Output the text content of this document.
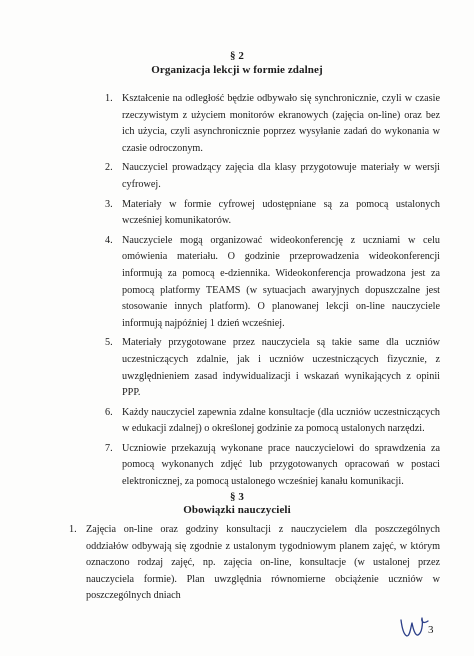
§ 2
Organizacja lekcji w formie zdalnej
1. Kształcenie na odległość będzie odbywało się synchronicznie, czyli w czasie rzeczywistym z użyciem monitorów ekranowych (zajęcia on-line) oraz bez ich użycia, czyli asynchronicznie poprzez wysyłanie zadań do wykonania w czasie odroczonym.
2. Nauczyciel prowadzący zajęcia dla klasy przygotowuje materiały w wersji cyfrowej.
3. Materiały w formie cyfrowej udostępniane są za pomocą ustalonych wcześniej komunikatorów.
4. Nauczyciele mogą organizować wideokonferencję z uczniami w celu omówienia materiału. O godzinie przeprowadzenia wideokonferencji informują za pomocą e-dziennika. Wideokonferencja prowadzona jest za pomocą platformy TEAMS (w sytuacjach awaryjnych dopuszczalne jest stosowanie innych platform). O planowanej lekcji on-line nauczyciele informują najpóźniej 1 dzień wcześniej.
5. Materiały przygotowane przez nauczyciela są takie same dla uczniów uczestniczących zdalnie, jak i uczniów uczestniczących fizycznie, z uwzględnieniem zasad indywidualizacji i wskazań wynikających z opinii PPP.
6. Każdy nauczyciel zapewnia zdalne konsultacje (dla uczniów uczestniczących w edukacji zdalnej) o określonej godzinie za pomocą ustalonych narzędzi.
7. Uczniowie przekazują wykonane prace nauczycielowi do sprawdzenia za pomocą wykonanych zdjęć lub przygotowanych opracowań w postaci elektronicznej, za pomocą ustalonego wcześniej kanału komunikacji.
§ 3
Obowiązki nauczycieli
1. Zajęcia on-line oraz godziny konsultacji z nauczycielem dla poszczególnych oddziałów odbywają się zgodnie z ustalonym tygodniowym planem zajęć, w którym oznaczono rodzaj zajęć, np. zajęcia on-line, konsultacje (w ustalonej przez nauczyciela formie). Plan uwzględnia równomierne obciążenie uczniów w poszczególnych dniach
3
